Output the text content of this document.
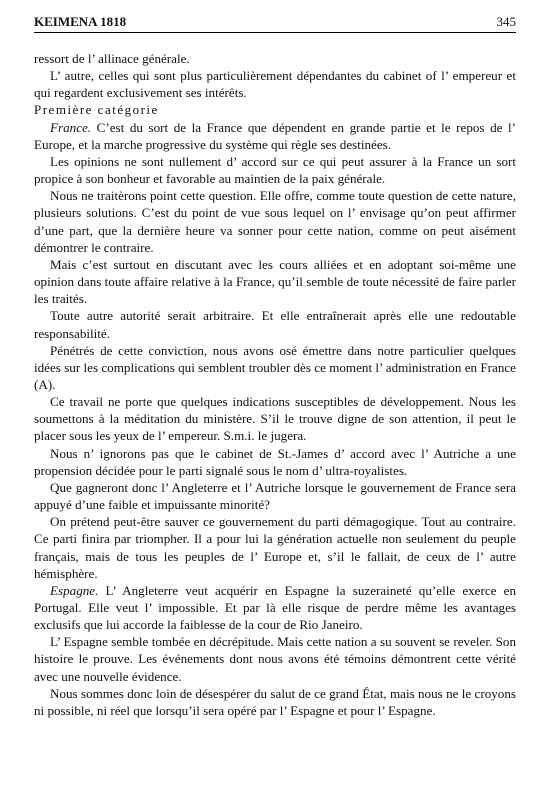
KEIMENA 1818	345

ressort de l’ allinace générale.

L’ autre, celles qui sont plus particulièrement dépendantes du cabinet of l’ empereur et qui regardent exclusivement ses intérêts.

Première catégorie

France. C’est du sort de la France que dépendent en grande partie et le repos de l’ Europe, et la marche progressive du système qui règle ses destinées.

Les opinions ne sont nullement d’ accord sur ce qui peut assurer à la France un sort propice à son bonheur et favorable au maintien de la paix générale.

Nous ne traitèrons point cette question. Elle offre, comme toute question de cette nature, plusieurs solutions. C’est du point de vue sous lequel on l’ envisage qu’on peut affirmer d’une part, que la dernière heure va sonner pour cette nation, comme on peut aisément démontrer le contraire.

Mais c’est surtout en discutant avec les cours alliées et en adoptant soi-même une opinion dans toute affaire relative à la France, qu’il semble de toute nécessité de faire parler les traités.

Toute autre autorité serait arbitraire. Et elle entraînerait après elle une redoutable responsabilité.

Pénétrés de cette conviction, nous avons osé émettre dans notre particulier quelques idées sur les complications qui semblent troubler dès ce moment l’ administration en France (A).

Ce travail ne porte que quelques indications susceptibles de développement. Nous les soumettons à la méditation du ministère. S’il le trouve digne de son attention, il peut le placer sous les yeux de l’ empereur. S.m.i. le jugera.

Nous n’ ignorons pas que le cabinet de St.-James d’ accord avec l’ Autriche a une propension décidée pour le parti signalé sous le nom d’ ultra-royalistes.

Que gagneront donc l’ Angleterre et l’ Autriche lorsque le gouvernement de France sera appuyé d’une faible et impuissante minorité?

On prétend peut-être sauver ce gouvernement du parti démagogique. Tout au contraire. Ce parti finira par triompher. Il a pour lui la génération actuelle non seulement du peuple français, mais de tous les peuples de l’ Europe et, s’il le fallait, de ceux de l’ autre hémisphère.

Espagne. L’ Angleterre veut acquérir en Espagne la suzeraineté qu’elle exerce en Portugal. Elle veut l’ impossible. Et par là elle risque de perdre même les avantages exclusifs que lui accorde la faiblesse de la cour de Rio Janeiro.

L’ Espagne semble tombée en décrépitude. Mais cette nation a su souvent se reveler. Son histoire le prouve. Les événements dont nous avons été témoins démontrent cette vérité avec une nouvelle évidence.

Nous sommes donc loin de désespérer du salut de ce grand État, mais nous ne le croyons ni possible, ni réel que lorsqu’il sera opéré par l’ Espagne et pour l’ Espagne.
